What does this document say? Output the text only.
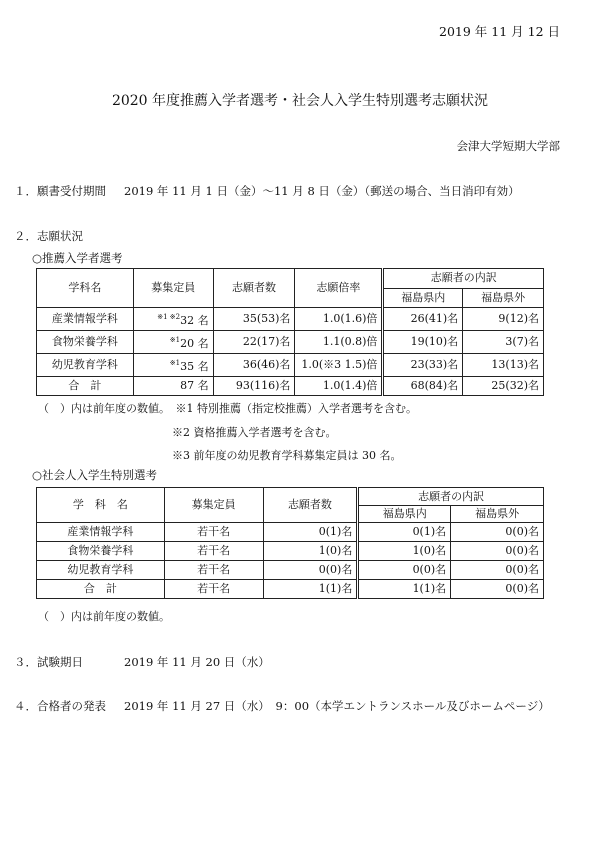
2019 年 11 月 12 日
2020 年度推薦入学者選考・社会人入学生特別選考志願状況
会津大学短期大学部
１．願書受付期間 2019 年 11 月 1 日（金）～11 月 8 日（金）（郵送の場合、当日消印有効）
２．志願状況
○推薦入学者選考
学科名	募集定員	志願者数	志願倍率	志願者の内訳	
				福島県内	福島県外
産業情報学科	$^{※1 ※2}$32 名	35(53)名	1.0(1.6)倍	26(41)名	9(12)名
食物栄養学科	$^{※1}$20 名	22(17)名	1.1(0.8)倍	19(10)名	3(7)名
幼児教育学科	$^{※1}$35 名	36(46)名	1.0(※3 1.5)倍	23(33)名	13(13)名
合　計	87 名	93(116)名	1.0(1.4)倍	68(84)名	25(32)名
（　）内は前年度の数値。　※1 特別推薦（指定校推薦）入学者選考を含む。
※2 資格推薦入学者選考を含む。
※3 前年度の幼児教育学科募集定員は 30 名。
○社会人入学生特別選考
学　科　名	募集定員	志願者数	志願者の内訳	
			福島県内	福島県外
産業情報学科	若干名	0(1)名	0(1)名	0(0)名
食物栄養学科	若干名	1(0)名	1(0)名	0(0)名
幼児教育学科	若干名	0(0)名	0(0)名	0(0)名
合　計	若干名	1(1)名	1(1)名	0(0)名
（　）内は前年度の数値。
３．試験期日	2019 年 11 月 20 日（水）
４．合格者の発表 2019 年 11 月 27 日（水）　9：00（本学エントランスホール及びホームページ）
